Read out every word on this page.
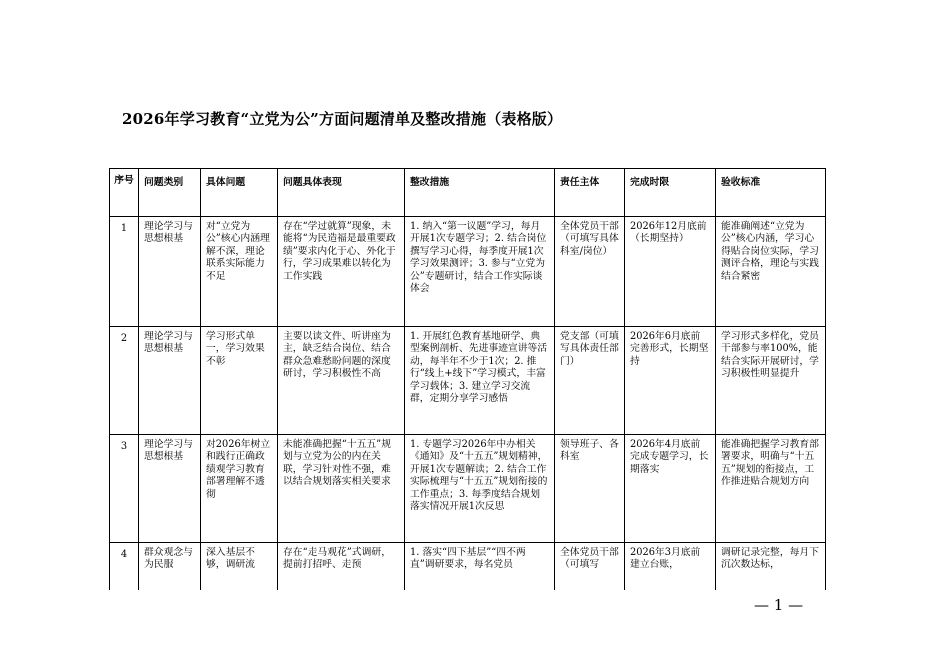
2026年学习教育“立党为公”方面问题清单及整改措施（表格版）
序号	问题类别	具体问题	问题具体表现	整改措施	责任主体	完成时限	验收标准
1	理论学习与思想根基	对“立党为公”核心内涵理解不深，理论联系实际能力不足	存在“学过就算”现象，未能将“为民造福是最重要政绩”要求内化于心、外化于行，学习成果难以转化为工作实践	1. 纳入“第一议题”学习，每月开展1次专题学习；2. 结合岗位撰写学习心得，每季度开展1次学习效果测评；3. 参与“立党为公”专题研讨，结合工作实际谈体会	全体党员干部（可填写具体科室/岗位）	2026年12月底前（长期坚持）	能准确阐述“立党为公”核心内涵，学习心得贴合岗位实际，学习测评合格，理论与实践结合紧密
2	理论学习与思想根基	学习形式单一，学习效果不彰	主要以读文件、听讲座为主，缺乏结合岗位、结合群众急难愁盼问题的深度研讨，学习积极性不高	1. 开展红色教育基地研学、典型案例剖析、先进事迹宣讲等活动，每半年不少于1次；2. 推行“线上+线下”学习模式，丰富学习载体；3. 建立学习交流群，定期分享学习感悟	党支部（可填写具体责任部门）	2026年6月底前完善形式，长期坚持	学习形式多样化，党员干部参与率100%，能结合实际开展研讨，学习积极性明显提升
3	理论学习与思想根基	对2026年树立和践行正确政绩观学习教育部署理解不透彻	未能准确把握“十五五”规划与立党为公的内在关联，学习针对性不强，难以结合规划落实相关要求	1. 专题学习2026年中办相关《通知》及“十五五”规划精神，开展1次专题解读；2. 结合工作实际梳理与“十五五”规划衔接的工作重点；3. 每季度结合规划落实情况开展1次反思	领导班子、各科室	2026年4月底前完成专题学习，长期落实	能准确把握学习教育部署要求，明确与“十五五”规划的衔接点，工作推进贴合规划方向
4	群众观念与为民服	深入基层不够，调研流	存在“走马观花”式调研，提前打招呼、走预	1. 落实“四下基层”“四不两直”调研要求，每名党员	全体党员干部（可填写	2026年3月底前建立台账，	调研记录完整，每月下沉次数达标，
— 1 —
